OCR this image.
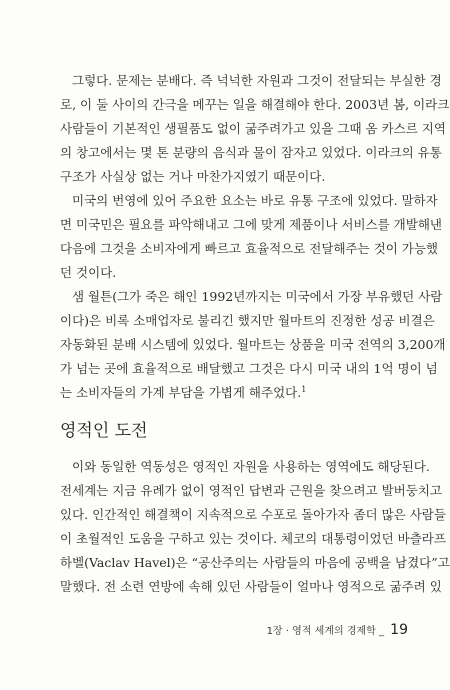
그렇다. 문제는 분배다. 즉 넉넉한 자원과 그것이 전달되는 부실한 경
로, 이 둘 사이의 간극을 메꾸는 일을 해결해야 한다. 2003년 봄, 이라크
사람들이 기본적인 생필품도 없이 굶주려가고 있을 그때 옴 카스르 지역
의 창고에서는 몇 톤 분량의 음식과 물이 잠자고 있었다. 이라크의 유통
구조가 사실상 없는 거나 마찬가지였기 때문이다.
미국의 번영에 있어 주요한 요소는 바로 유통 구조에 있었다. 말하자
면 미국민은 필요를 파악해내고 그에 맞게 제품이나 서비스를 개발해낸
다음에 그것을 소비자에게 빠르고 효율적으로 전달해주는 것이 가능했
던 것이다.
샘 월튼(그가 죽은 해인 1992년까지는 미국에서 가장 부유했던 사람
이다)은 비록 소매업자로 불리긴 했지만 월마트의 진정한 성공 비결은
자동화된 분배 시스템에 있었다. 월마트는 상품을 미국 전역의 3,200개
가 넘는 곳에 효율적으로 배달했고 그것은 다시 미국 내의 1억 명이 넘
는 소비자들의 가계 부담을 가볍게 해주었다.$^1$
영적인 도전
이와 동일한 역동성은 영적인 자원을 사용하는 영역에도 해당된다.
전세계는 지금 유례가 없이 영적인 답변과 근원을 찾으려고 발버둥치고
있다. 인간적인 해결책이 지속적으로 수포로 돌아가자 좀더 많은 사람들
이 초월적인 도움을 구하고 있는 것이다. 체코의 대통령이었던 바츨라프
하벨(Vaclav Havel)은 “공산주의는 사람들의 마음에 공백을 남겼다”고
말했다. 전 소련 연방에 속해 있던 사람들이 얼마나 영적으로 굶주려 있
1장 · 영적 세계의 경제학 _ 19
